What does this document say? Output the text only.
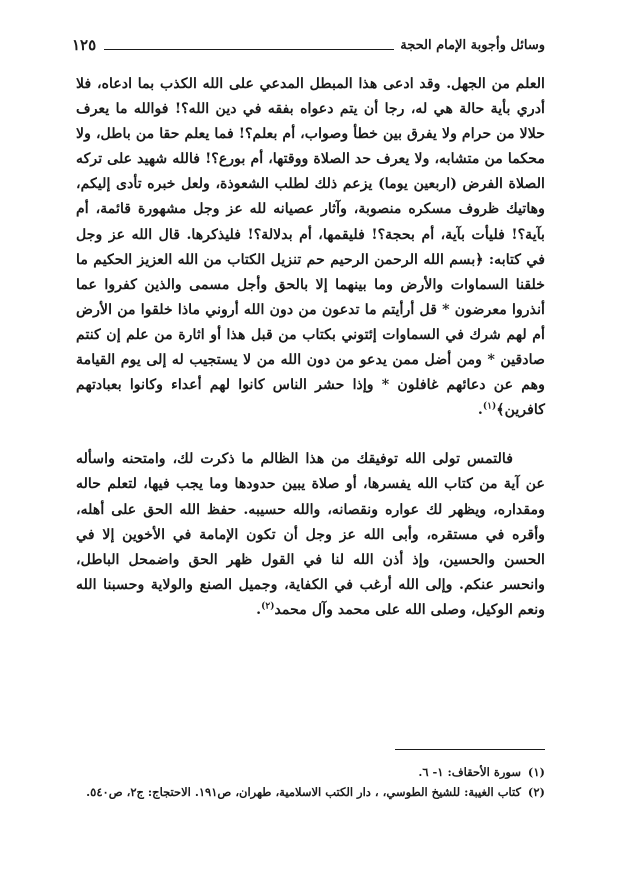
وسائل وأجوبة الإمام الحجة
١٢٥

العلم من الجهل. وقد ادعى هذا المبطل المدعي على الله الكذب بما ادعاه، فلا أدري بأية حالة هي له، رجا أن يتم دعواه بفقه في دين الله؟! فوالله ما يعرف حلالا من حرام ولا يفرق بين خطأ وصواب، أم بعلم؟! فما يعلم حقا من باطل، ولا محكما من متشابه، ولا يعرف حد الصلاة ووقتها، أم بورع؟! فالله شهيد على تركه الصلاة الفرض (اربعين يوما) يزعم ذلك لطلب الشعوذة، ولعل خبره تأدى إليكم، وهاتيك ظروف مسكره منصوبة، وآثار عصيانه لله عز وجل مشهورة قائمة، أم بآية؟! فليأت بآية، أم بحجة؟! فليقمها، أم بدلالة؟! فليذكرها. قال الله عز وجل في كتابه: ﴿بسم الله الرحمن الرحيم حم تنزيل الكتاب من الله العزيز الحكيم ما خلقنا السماوات والأرض وما بينهما إلا بالحق وأجل مسمى والذين كفروا عما أنذروا معرضون * قل أرأيتم ما تدعون من دون الله أروني ماذا خلقوا من الأرض أم لهم شرك في السماوات إئتوني بكتاب من قبل هذا أو اثارة من علم إن كنتم صادقين * ومن أضل ممن يدعو من دون الله من لا يستجيب له إلى يوم القيامة وهم عن دعائهم غافلون * وإذا حشر الناس كانوا لهم أعداء وكانوا بعبادتهم كافرين﴾$^{(١)}$.

فالتمس تولى الله توفيقك من هذا الظالم ما ذكرت لك، وامتحنه واسأله عن آية من كتاب الله يفسرها، أو صلاة يبين حدودها وما يجب فيها، لتعلم حاله ومقداره، ويظهر لك عواره ونقصانه، والله حسيبه. حفظ الله الحق على أهله، وأقره في مستقره، وأبى الله عز وجل أن تكون الإمامة في الأخوين إلا في الحسن والحسين، وإذ أذن الله لنا في القول ظهر الحق واضمحل الباطل، وانحسر عنكم. وإلى الله أرغب في الكفاية، وجميل الصنع والولاية وحسبنا الله ونعم الوكيل، وصلى الله على محمد وآل محمد$^{(٢)}$.

(١)
سورة الأحقاف: ١- ٦.
(٢)
كتاب الغيبة: للشيخ الطوسي، ، دار الكتب الاسلامية، طهران، ص١٩١. الاحتجاج: ج٢، ص٥٤٠.
